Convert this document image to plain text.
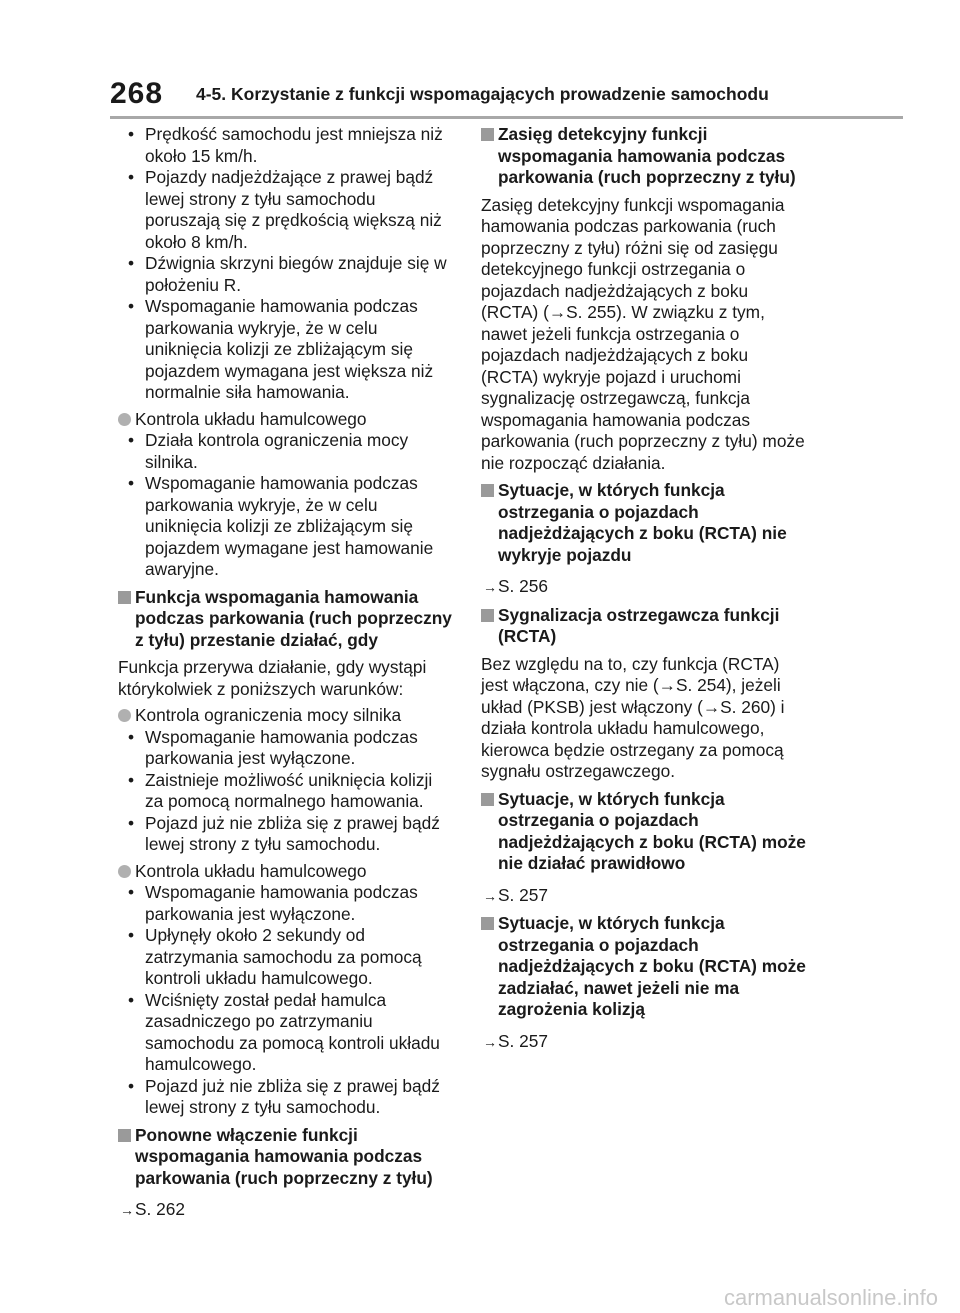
268 4-5. Korzystanie z funkcji wspomagających prowadzenie samochodu
• Prędkość samochodu jest mniejsza niż około 15 km/h.
• Pojazdy nadjeżdżające z prawej bądź lewej strony z tyłu samochodu poruszają się z prędkością większą niż około 8 km/h.
• Dźwignia skrzyni biegów znajduje się w położeniu R.
• Wspomaganie hamowania podczas parkowania wykryje, że w celu uniknięcia kolizji ze zbliżającym się pojazdem wymagana jest większa niż normalnie siła hamowania.
Kontrola układu hamulcowego
• Działa kontrola ograniczenia mocy silnika.
• Wspomaganie hamowania podczas parkowania wykryje, że w celu uniknięcia kolizji ze zbliżającym się pojazdem wymagane jest hamowanie awaryjne.
Funkcja wspomagania hamowania podczas parkowania (ruch poprzeczny z tyłu) przestanie działać, gdy
Funkcja przerywa działanie, gdy wystąpi którykolwiek z poniższych warunków:
Kontrola ograniczenia mocy silnika
• Wspomaganie hamowania podczas parkowania jest wyłączone.
• Zaistnieje możliwość uniknięcia kolizji za pomocą normalnego hamowania.
• Pojazd już nie zbliża się z prawej bądź lewej strony z tyłu samochodu.
Kontrola układu hamulcowego
• Wspomaganie hamowania podczas parkowania jest wyłączone.
• Upłynęły około 2 sekundy od zatrzymania samochodu za pomocą kontroli układu hamulcowego.
• Wciśnięty został pedał hamulca zasadniczego po zatrzymaniu samochodu za pomocą kontroli układu hamulcowego.
• Pojazd już nie zbliża się z prawej bądź lewej strony z tyłu samochodu.
Ponowne włączenie funkcji wspomagania hamowania podczas parkowania (ruch poprzeczny z tyłu)
→S. 262
Zasięg detekcyjny funkcji wspomagania hamowania podczas parkowania (ruch poprzeczny z tyłu)
Zasięg detekcyjny funkcji wspomagania hamowania podczas parkowania (ruch poprzeczny z tyłu) różni się od zasięgu detekcyjnego funkcji ostrzegania o pojazdach nadjeżdżających z boku (RCTA) (→S. 255). W związku z tym, nawet jeżeli funkcja ostrzegania o pojazdach nadjeżdżających z boku (RCTA) wykryje pojazd i uruchomi sygnalizację ostrzegawczą, funkcja wspomagania hamowania podczas parkowania (ruch poprzeczny z tyłu) może nie rozpocząć działania.
Sytuacje, w których funkcja ostrzegania o pojazdach nadjeżdżających z boku (RCTA) nie wykryje pojazdu
→S. 256
Sygnalizacja ostrzegawcza funkcji (RCTA)
Bez względu na to, czy funkcja (RCTA) jest włączona, czy nie (→S. 254), jeżeli układ (PKSB) jest włączony (→S. 260) i działa kontrola układu hamulcowego, kierowca będzie ostrzegany za pomocą sygnału ostrzegawczego.
Sytuacje, w których funkcja ostrzegania o pojazdach nadjeżdżających z boku (RCTA) może nie działać prawidłowo
→S. 257
Sytuacje, w których funkcja ostrzegania o pojazdach nadjeżdżających z boku (RCTA) może zadziałać, nawet jeżeli nie ma zagrożenia kolizją
→S. 257
carmanualsonline.info
